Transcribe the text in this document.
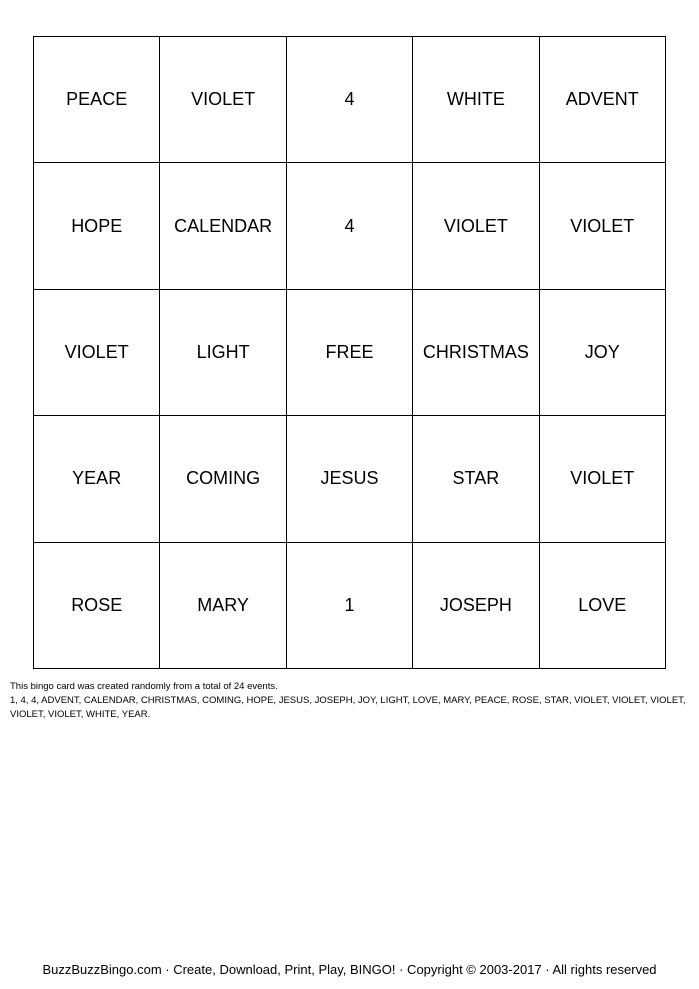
PEACE	VIOLET	4	WHITE	ADVENT
HOPE	CALENDAR	4	VIOLET	VIOLET
VIOLET	LIGHT	FREE	CHRISTMAS	JOY
YEAR	COMING	JESUS	STAR	VIOLET
ROSE	MARY	1	JOSEPH	LOVE
This bingo card was created randomly from a total of 24 events.
1, 4, 4, ADVENT, CALENDAR, CHRISTMAS, COMING, HOPE, JESUS, JOSEPH, JOY, LIGHT, LOVE, MARY, PEACE, ROSE, STAR, VIOLET, VIOLET, VIOLET, VIOLET, VIOLET, WHITE, YEAR.
BuzzBuzzBingo.com · Create, Download, Print, Play, BINGO! · Copyright © 2003-2017 · All rights reserved
